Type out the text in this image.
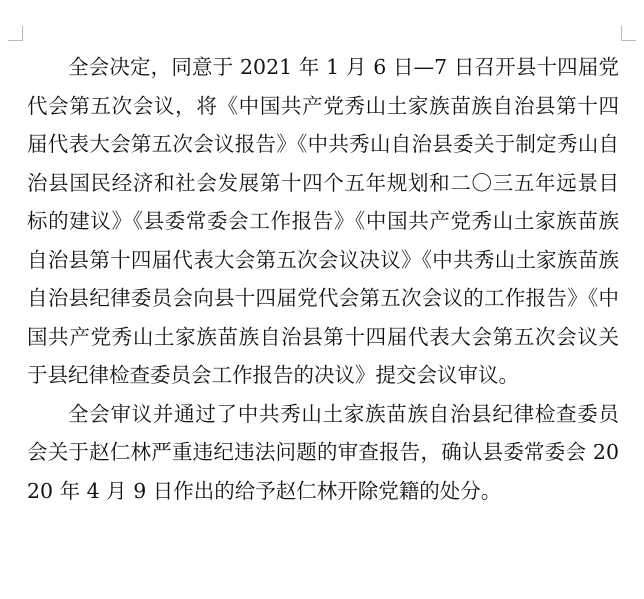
全会决定，同意于 2021 年 1 月 6 日—7 日召开县十四届党代会第五次会议，将《中国共产党秀山土家族苗族自治县第十四届代表大会第五次会议报告》《中共秀山自治县委关于制定秀山自治县国民经济和社会发展第十四个五年规划和二〇三五年远景目标的建议》《县委常委会工作报告》《中国共产党秀山土家族苗族自治县第十四届代表大会第五次会议决议》《中共秀山土家族苗族自治县纪律委员会向县十四届党代会第五次会议的工作报告》《中国共产党秀山土家族苗族自治县第十四届代表大会第五次会议关于县纪律检查委员会工作报告的决议》提交会议审议。

全会审议并通过了中共秀山土家族苗族自治县纪律检查委员会关于赵仁林严重违纪违法问题的审查报告，确认县委常委会 2020 年 4 月 9 日作出的给予赵仁林开除党籍的处分。
